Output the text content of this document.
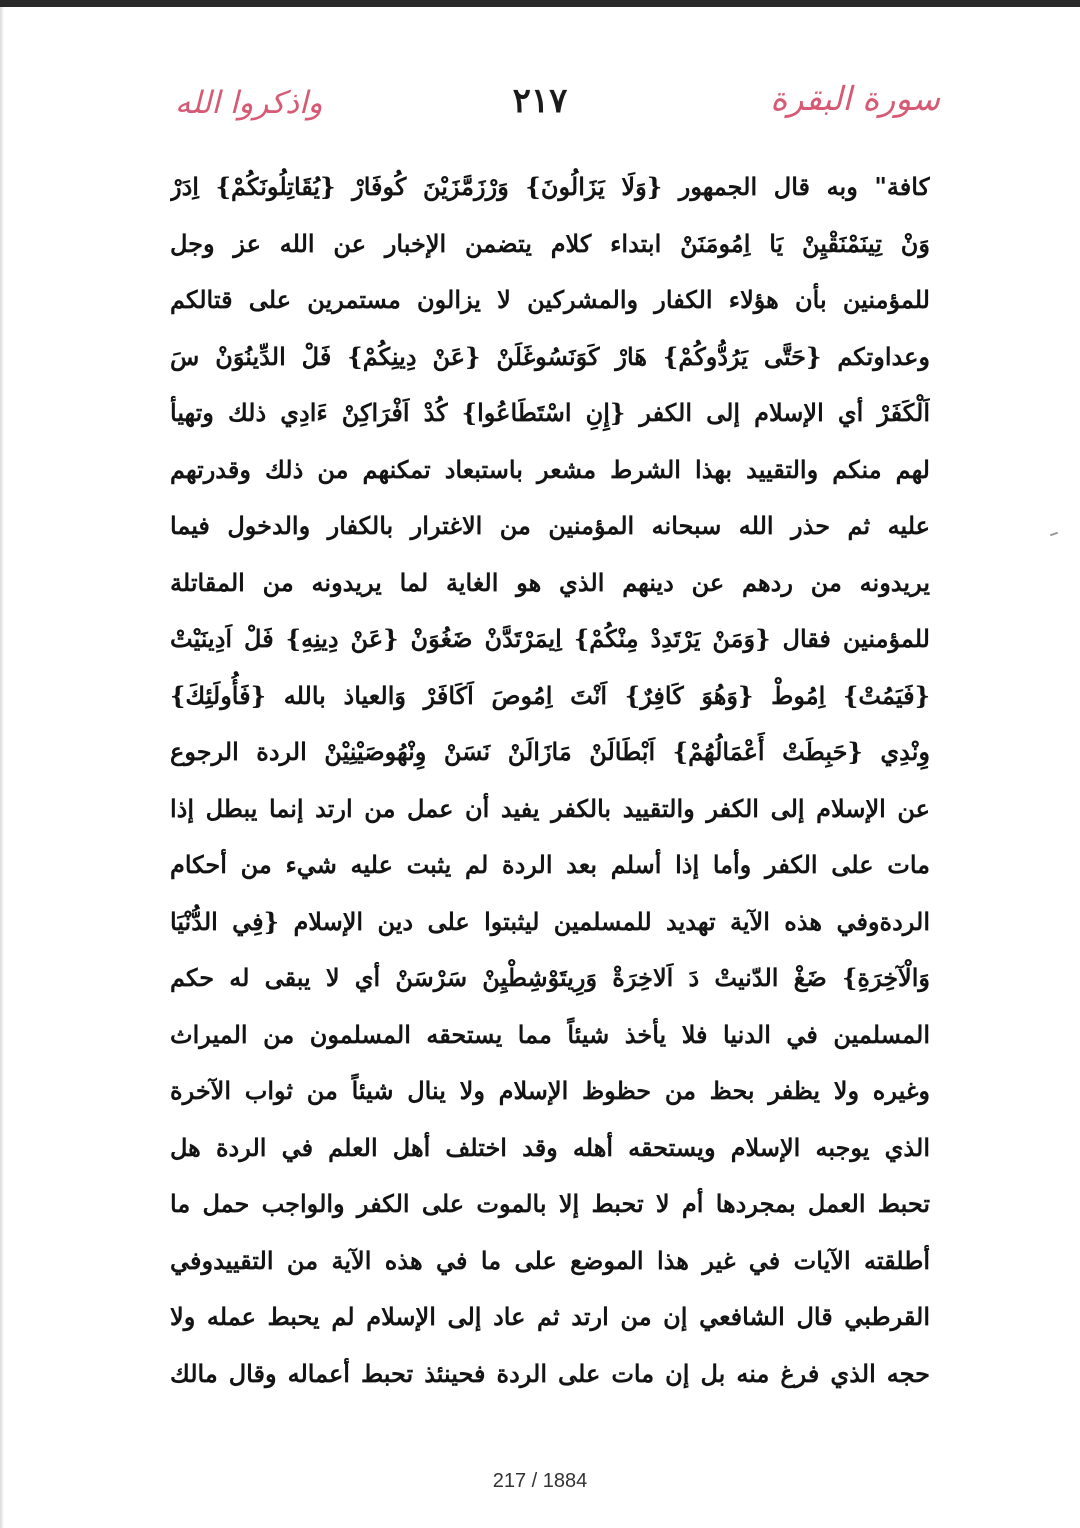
سورة البقرة
٢١٧
واذكروا الله
كافة" وبه قال الجمهور {وَلَا يَزَالُونَ} وَرْزَمَّزَيْنَ كُوفَارْ {يُقَاتِلُونَكُمْ} اِدَرْ
وَنْ تِينَمْنَقْيِنْ يَا اِمُومَنَنْ ابتداء كلام يتضمن الإخبار عن الله عز وجل
للمؤمنين بأن هؤلاء الكفار والمشركين لا يزالون مستمرين على قتالكم
وعداوتكم {حَتَّى يَرُدُّوكُمْ} هَارْ كَوَنَسُوغَلَنْ {عَنْ دِينِكُمْ} فَلْ الدِّينُوَنْ سَ
اَلْكَفَرْ أي الإسلام إلى الكفر {إِنِ اسْتَطَاعُوا} كُدْ اَفْرَاكِنْ ءَادِي ذلك وتهيأ
لهم منكم والتقييد بهذا الشرط مشعر باستبعاد تمكنهم من ذلك وقدرتهم
عليه ثم حذر الله سبحانه المؤمنين من الاغترار بالكفار والدخول فيما
يريدونه من ردهم عن دينهم الذي هو الغاية لما يريدونه من المقاتلة
للمؤمنين فقال {وَمَنْ يَرْتَدِدْ مِنْكُمْ} اِيمَرْتَدَّنْ ضَغُوَنْ {عَنْ دِينِهِ} فَلْ اَدِينَيْتْ
{فَيَمُتْ} اِمُوطْ {وَهُوَ كَافِرٌ} اَنْتَ اِمُوصَ اَكَافَرْ وَالعياذ بالله {فَأُولَئِكَ}
وِنْدِي {حَبِطَتْ أَعْمَالُهُمْ} اَبْطَالَنْ مَازَالَنْ نَسَنْ وِنْهُوصَيْنِيْنْ الردة الرجوع
عن الإسلام إلى الكفر والتقييد بالكفر يفيد أن عمل من ارتد إنما يبطل إذا
مات على الكفر وأما إذا أسلم بعد الردة لم يثبت عليه شيء من أحكام
الردةوفي هذه الآية تهديد للمسلمين ليثبتوا على دين الإسلام {فِي الدُّنْيَا
وَالْآخِرَةِ} ضَغْ الدّنيتْ دَ اَلاخِرَةْ وَرِيتَوْشِطْيِنْ سَرْسَنْ أي لا يبقى له حكم
المسلمين في الدنيا فلا يأخذ شيئاً مما يستحقه المسلمون من الميراث
وغيره ولا يظفر بحظ من حظوظ الإسلام ولا ينال شيئاً من ثواب الآخرة
الذي يوجبه الإسلام ويستحقه أهله وقد اختلف أهل العلم في الردة هل
تحبط العمل بمجردها أم لا تحبط إلا بالموت على الكفر والواجب حمل ما
أطلقته الآيات في غير هذا الموضع على ما في هذه الآية من التقييدوفي
القرطبي قال الشافعي إن من ارتد ثم عاد إلى الإسلام لم يحبط عمله ولا
حجه الذي فرغ منه بل إن مات على الردة فحينئذ تحبط أعماله وقال مالك
217 / 1884
